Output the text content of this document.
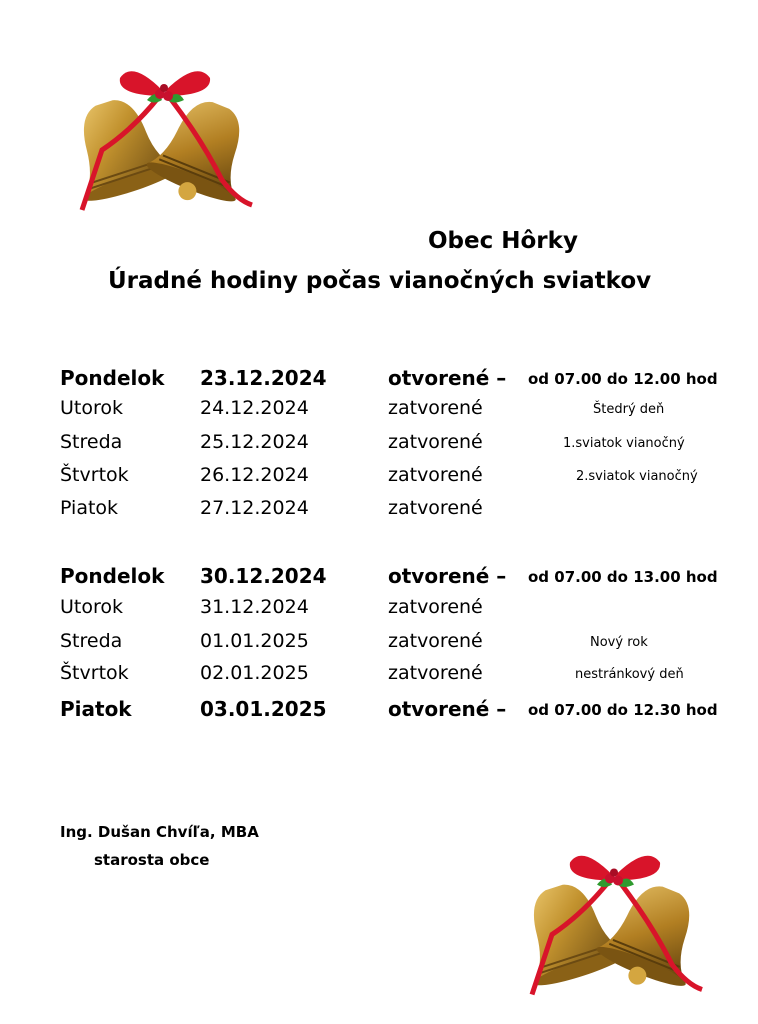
Obec Hôrky
Úradné hodiny počas vianočných sviatkov
Pondelok 23.12.2024	otvorené – od 07.00 do 12.00 hod
Utorok	24.12.2024	zatvorené	Štedrý deň
Streda	25.12.2024	zatvorené	1.sviatok vianočný
Štvrtok	26.12.2024	zatvorené	2.sviatok vianočný
Piatok	27.12.2024	zatvorené
Pondelok 30.12.2024	otvorené – od 07.00 do 13.00 hod
Utorok	31.12.2024	zatvorené
Streda	01.01.2025	zatvorené	Nový rok
Štvrtok	02.01.2025	zatvorené	nestránkový deň
Piatok	03.01.2025	otvorené – od 07.00 do 12.30 hod
Ing. Dušan Chvíľa, MBA
starosta obce
